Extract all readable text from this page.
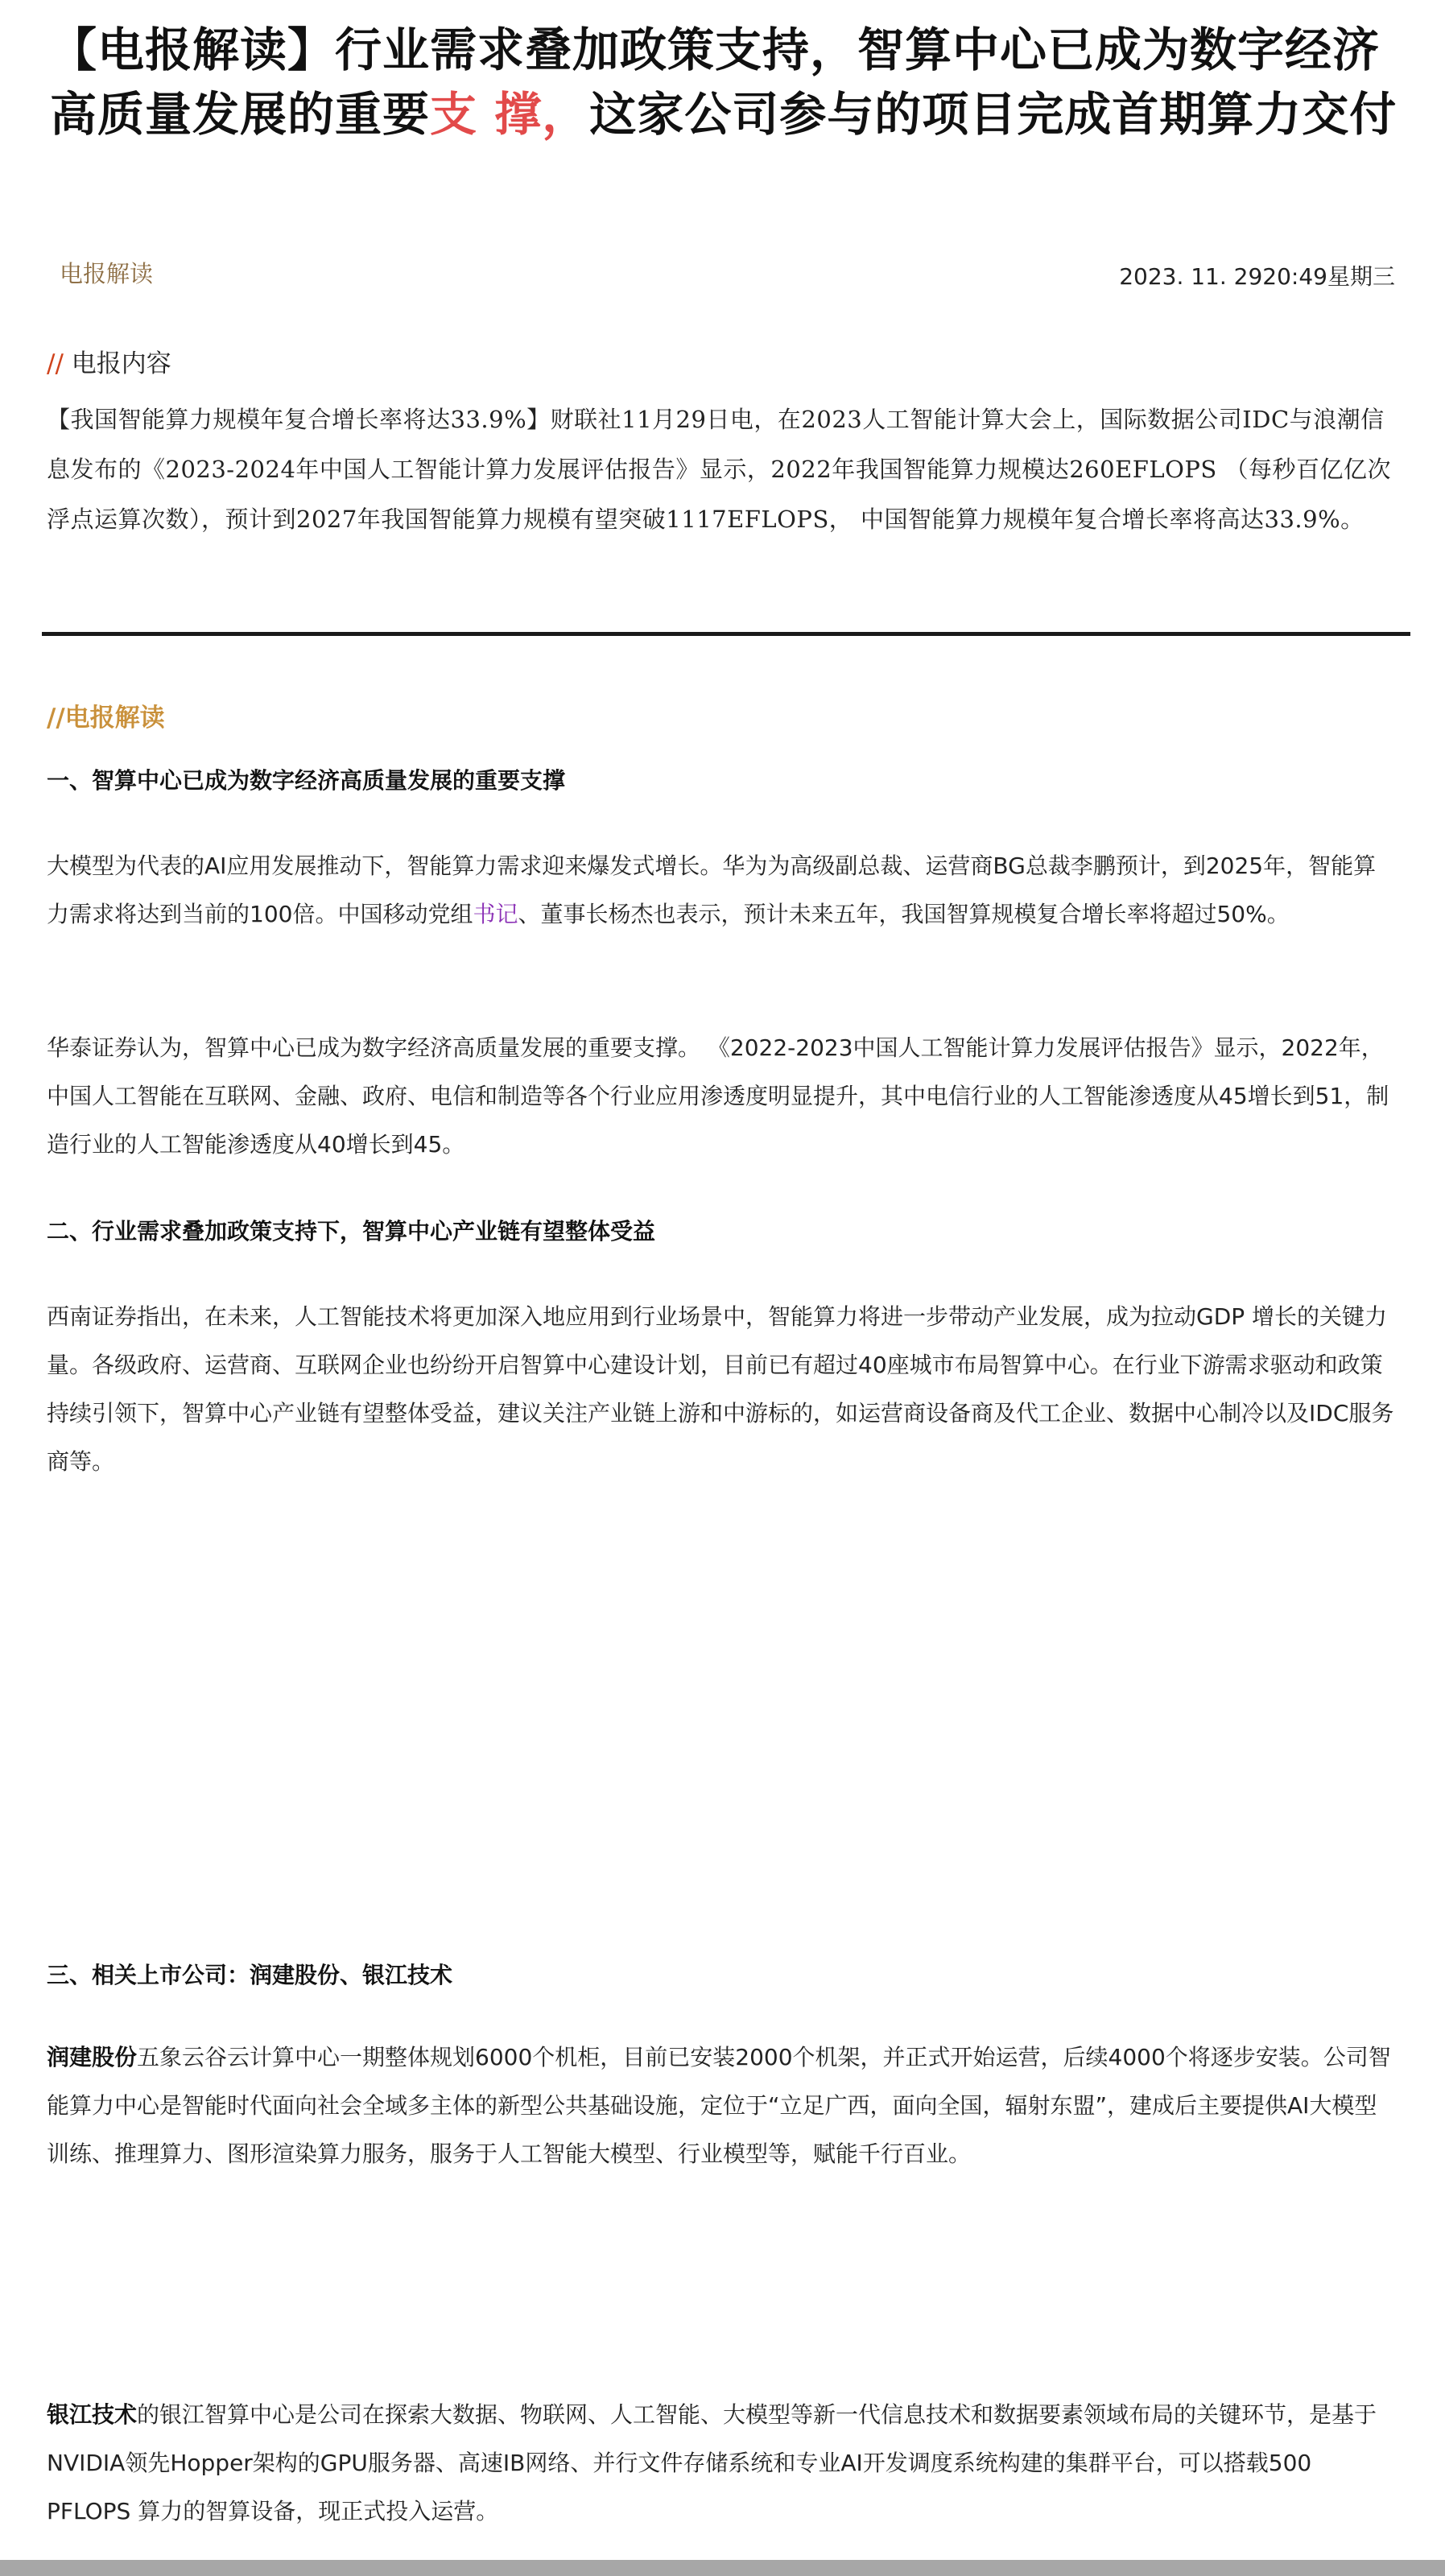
【电报解读】行业需求叠加政策支持，智算中心已成为数字经济高质量发展的重要支 撑，这家公司参与的项目完成首期算力交付
电报解读	2023. 11. 2920:49星期三
// 电报内容
【我国智能算力规模年复合增长率将达33.9%】财联社11月29日电，在2023人工智能计算大会上，国际数据公司IDC与浪潮信息发布的《2023-2024年中国人工智能计算力发展评估报告》显示，2022年我国智能算力规模达260EFLOPS （每秒百亿亿次浮点运算次数），预计到2027年我国智能算力规模有望突破1117EFLOPS， 中国智能算力规模年复合增长率将高达33.9%。
//电报解读
一、智算中心已成为数字经济高质量发展的重要支撑
大模型为代表的AI应用发展推动下，智能算力需求迎来爆发式增长。华为为高级副总裁、运营商BG总裁李鹏预计，到2025年，智能算力需求将达到当前的100倍。中国移动党组书记、董事长杨杰也表示，预计未来五年，我国智算规模复合增长率将超过50%。
华泰证券认为，智算中心已成为数字经济高质量发展的重要支撑。 《2022-2023中国人工智能计算力发展评估报告》显示，2022年，中国人工智能在互联网、金融、政府、电信和制造等各个行业应用渗透度明显提升，其中电信行业的人工智能渗透度从45增长到51，制造行业的人工智能渗透度从40增长到45。
二、行业需求叠加政策支持下，智算中心产业链有望整体受益
西南证券指出，在未来，人工智能技术将更加深入地应用到行业场景中，智能算力将进一步带动产业发展，成为拉动GDP 增长的关键力量。各级政府、运营商、互联网企业也纷纷开启智算中心建设计划，目前已有超过40座城市布局智算中心。在行业下游需求驱动和政策持续引领下，智算中心产业链有望整体受益，建议关注产业链上游和中游标的，如运营商设备商及代工企业、数据中心制冷以及IDC服务商等。
三、相关上市公司：润建股份、银江技术
润建股份五象云谷云计算中心一期整体规划6000个机柜，目前已安装2000个机架，并正式开始运营，后续4000个将逐步安装。公司智能算力中心是智能时代面向社会全域多主体的新型公共基础设施，定位于“立足广西，面向全国，辐射东盟”，建成后主要提供AI大模型训练、推理算力、图形渲染算力服务，服务于人工智能大模型、行业模型等，赋能千行百业。
银江技术的银江智算中心是公司在探索大数据、物联网、人工智能、大模型等新一代信息技术和数据要素领域布局的关键环节，是基于NVIDIA领先Hopper架构的GPU服务器、高速IB网络、并行文件存储系统和专业AI开发调度系统构建的集群平台，可以搭载500 PFLOPS 算力的智算设备，现正式投入运营。
